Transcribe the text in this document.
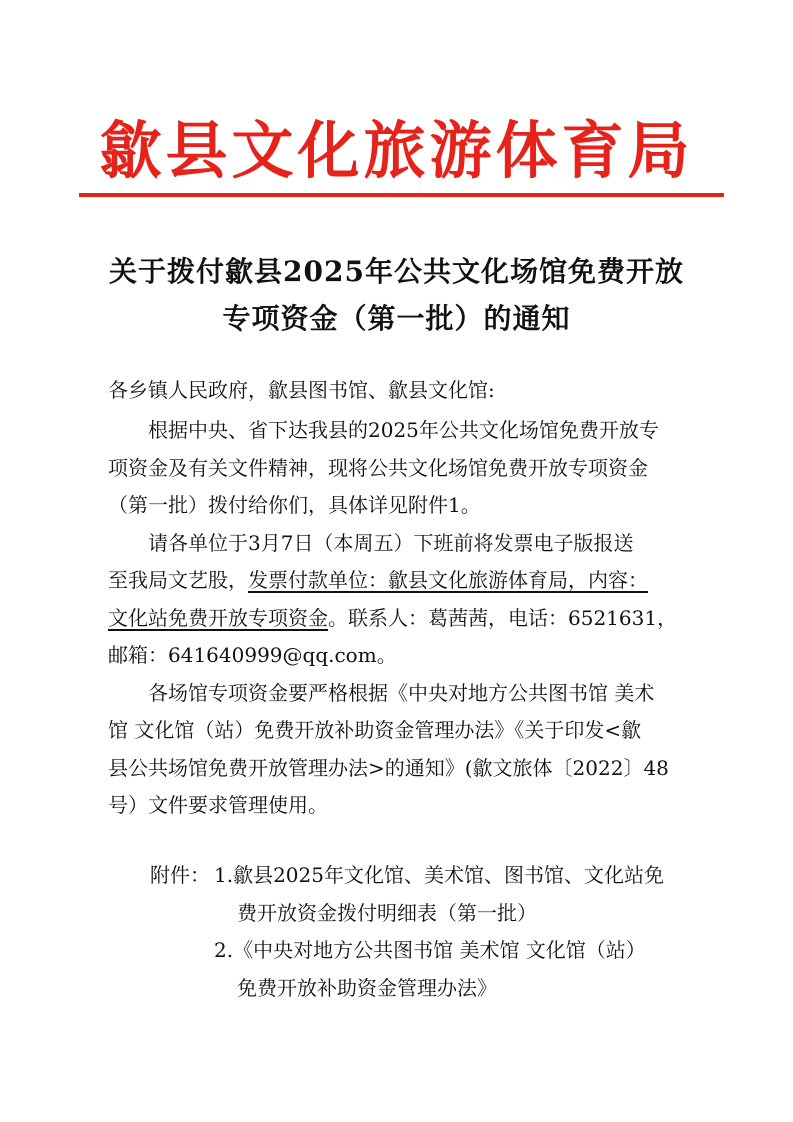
歙县文化旅游体育局
关于拨付歙县2025年公共文化场馆免费开放
专项资金（第一批）的通知
各乡镇人民政府，歙县图书馆、歙县文化馆:
根据中央、省下达我县的2025年公共文化场馆免费开放专
项资金及有关文件精神，现将公共文化场馆免费开放专项资金
（第一批）拨付给你们，具体详见附件1。
请各单位于3月7日（本周五）下班前将发票电子版报送
至我局文艺股，发票付款单位：歙县文化旅游体育局，内容：
文化站免费开放专项资金。联系人：葛茜茜，电话：6521631，
邮箱：641640999@qq.com。
各场馆专项资金要严格根据《中央对地方公共图书馆 美术
馆 文化馆（站）免费开放补助资金管理办法》《关于印发<歙
县公共场馆免费开放管理办法>的通知》(歙文旅体〔2022〕48
号）文件要求管理使用。
附件： 1.歙县2025年文化馆、美术馆、图书馆、文化站免
费开放资金拨付明细表（第一批）
2.《中央对地方公共图书馆 美术馆 文化馆（站）
免费开放补助资金管理办法》
